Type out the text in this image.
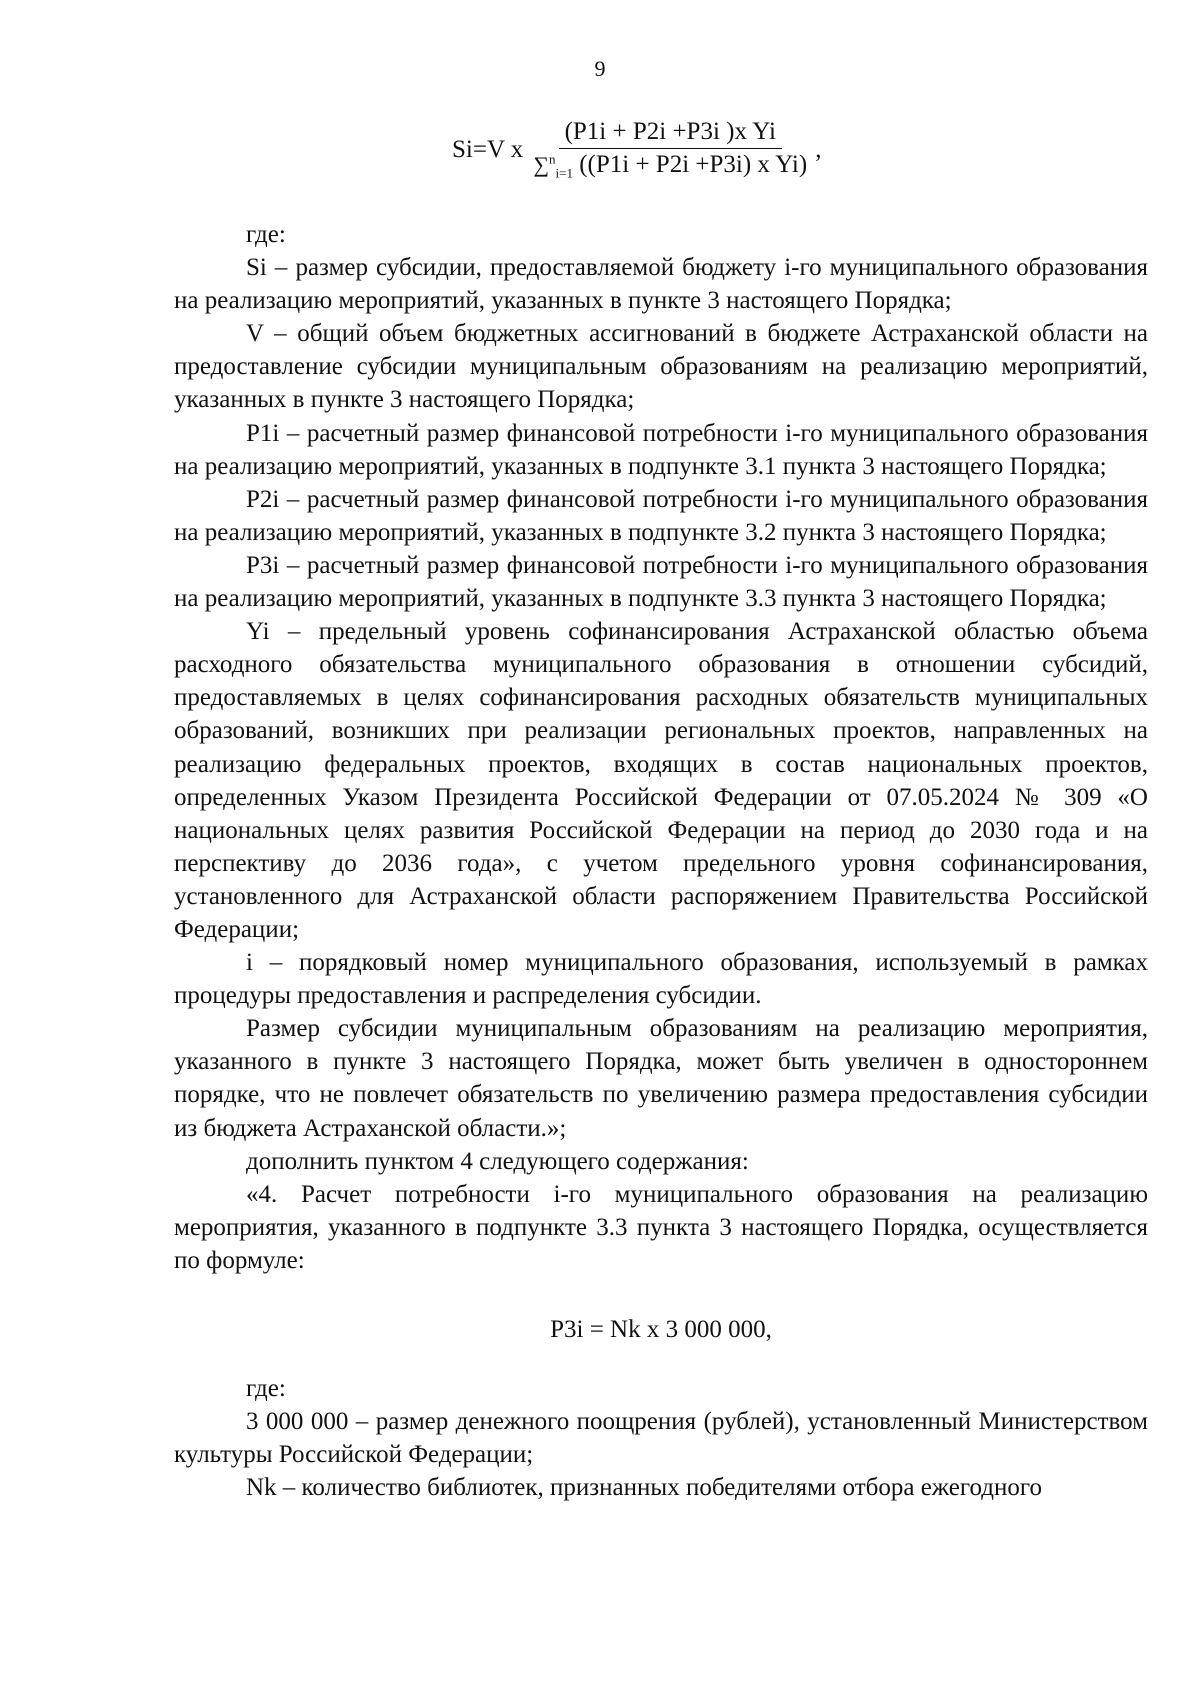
9
Si=V x $\frac{\text{(P1i + P2i +P3i )x Yi}}{\sum^n_{i=1} ((P1i + P2i +P3i) x Yi)}$ ,

где:

Si – размер субсидии, предоставляемой бюджету i-го муниципального образования на реализацию мероприятий, указанных в пункте 3 настоящего Порядка;

V – общий объем бюджетных ассигнований в бюджете Астраханской области на предоставление субсидии муниципальным образованиям на реализацию мероприятий, указанных в пункте 3 настоящего Порядка;

P1i – расчетный размер финансовой потребности i-го муниципального образования на реализацию мероприятий, указанных в подпункте 3.1 пункта 3 настоящего Порядка;

P2i – расчетный размер финансовой потребности i-го муниципального образования на реализацию мероприятий, указанных в подпункте 3.2 пункта 3 настоящего Порядка;

P3i – расчетный размер финансовой потребности i-го муниципального образования на реализацию мероприятий, указанных в подпункте 3.3 пункта 3 настоящего Порядка;

Yi – предельный уровень софинансирования Астраханской областью объема расходного обязательства муниципального образования в отношении субсидий, предоставляемых в целях софинансирования расходных обязательств муниципальных образований, возникших при реализации региональных проектов, направленных на реализацию федеральных проектов, входящих в состав национальных проектов, определенных Указом Президента Российской Федерации от 07.05.2024 № 309 «О национальных целях развития Российской Федерации на период до 2030 года и на перспективу до 2036 года», с учетом предельного уровня софинансирования, установленного для Астраханской области распоряжением Правительства Российской Федерации;

i – порядковый номер муниципального образования, используемый в рамках процедуры предоставления и распределения субсидии.

Размер субсидии муниципальным образованиям на реализацию мероприятия, указанного в пункте 3 настоящего Порядка, может быть увеличен в одностороннем порядке, что не повлечет обязательств по увеличению размера предоставления субсидии из бюджета Астраханской области.»;

дополнить пунктом 4 следующего содержания:

«4. Расчет потребности i-го муниципального образования на реализацию мероприятия, указанного в подпункте 3.3 пункта 3 настоящего Порядка, осуществляется по формуле:

P3i = Nk x 3 000 000,

где:

3 000 000 – размер денежного поощрения (рублей), установленный Министерством культуры Российской Федерации;

Nk – количество библиотек, признанных победителями отбора ежегодного
